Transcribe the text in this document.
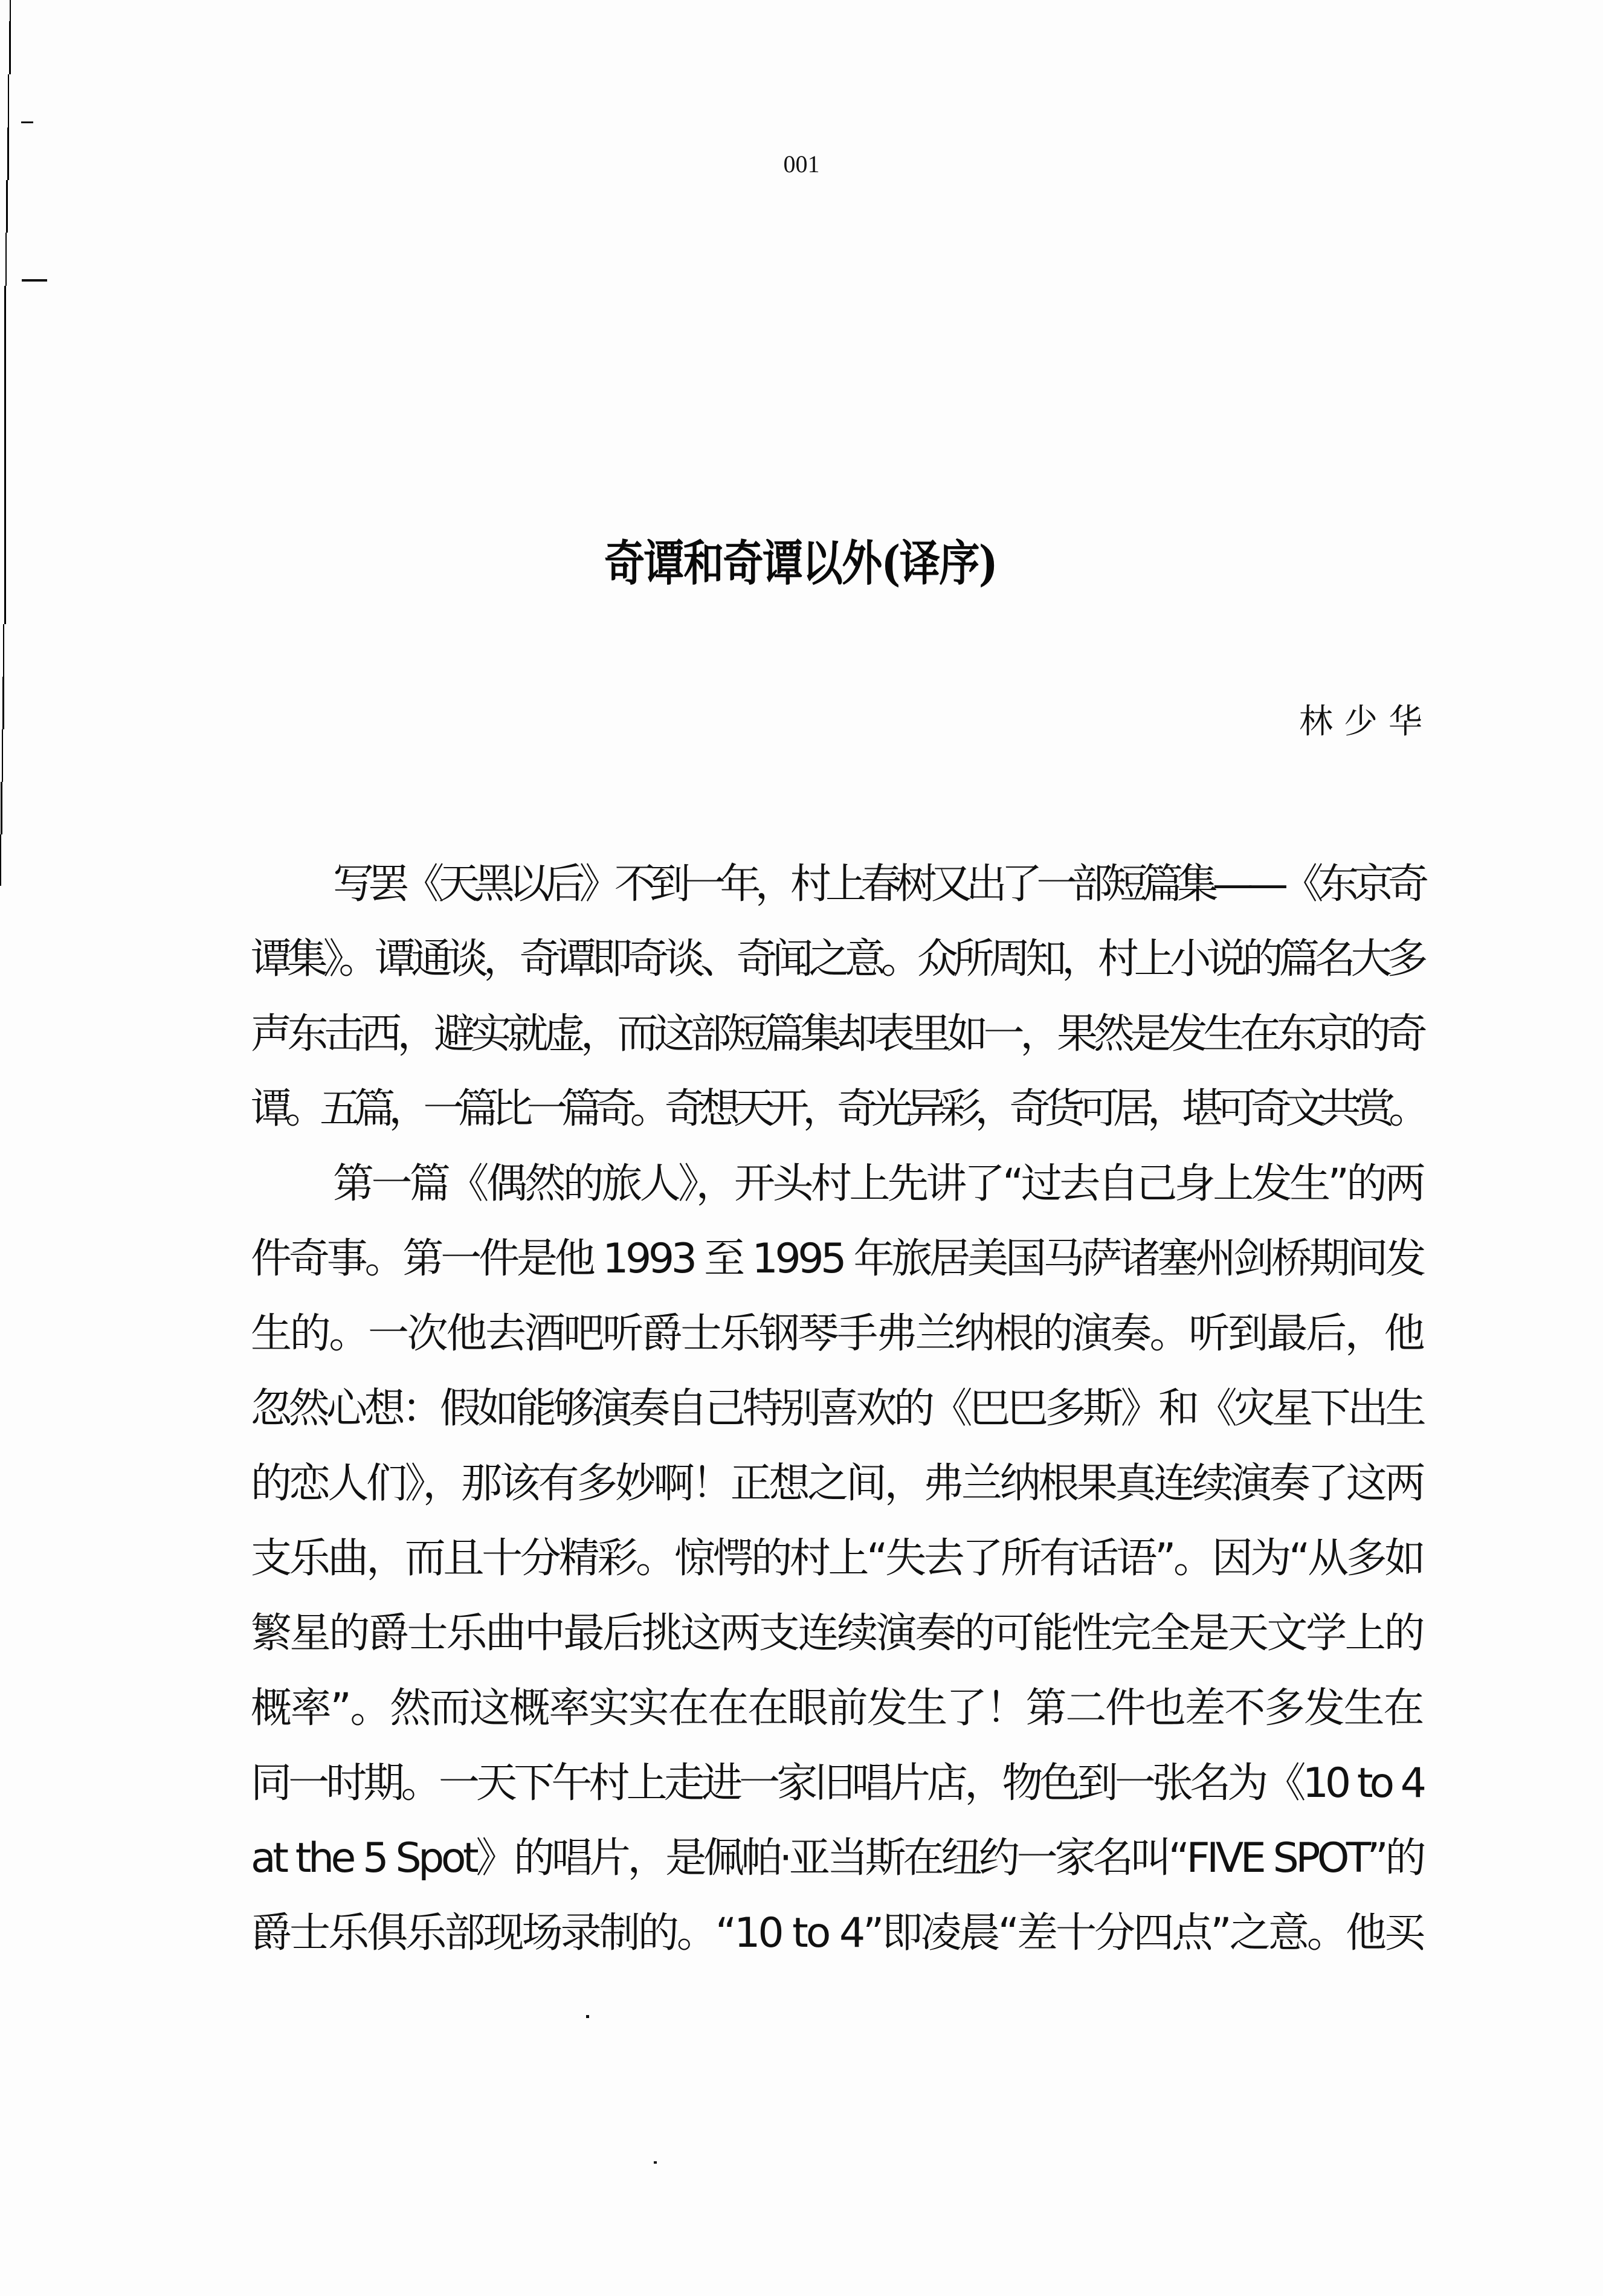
001
奇谭和奇谭以外(译序)
林少华
写罢《天黑以后》不到一年，村上春树又出了一部短篇集——《东京奇
谭集》。谭通谈，奇谭即奇谈、奇闻之意。众所周知，村上小说的篇名大多
声东击西，避实就虚，而这部短篇集却表里如一，果然是发生在东京的奇
谭。五篇，一篇比一篇奇。奇想天开，奇光异彩，奇货可居，堪可奇文共赏。
第一篇《偶然的旅人》，开头村上先讲了“过去自己身上发生”的两
件奇事。第一件是他 1993 至 1995 年旅居美国马萨诸塞州剑桥期间发
生的。一次他去酒吧听爵士乐钢琴手弗兰纳根的演奏。听到最后，他
忽然心想：假如能够演奏自己特别喜欢的《巴巴多斯》和《灾星下出生
的恋人们》，那该有多妙啊！正想之间，弗兰纳根果真连续演奏了这两
支乐曲，而且十分精彩。惊愕的村上“失去了所有话语”。因为“从多如
繁星的爵士乐曲中最后挑这两支连续演奏的可能性完全是天文学上的
概率”。然而这概率实实在在在眼前发生了！第二件也差不多发生在
同一时期。一天下午村上走进一家旧唱片店，物色到一张名为《10 to 4
at the 5 Spot》的唱片，是佩帕·亚当斯在纽约一家名叫“FIVE SPOT”的
爵士乐俱乐部现场录制的。“10 to 4”即凌晨“差十分四点”之意。他买
